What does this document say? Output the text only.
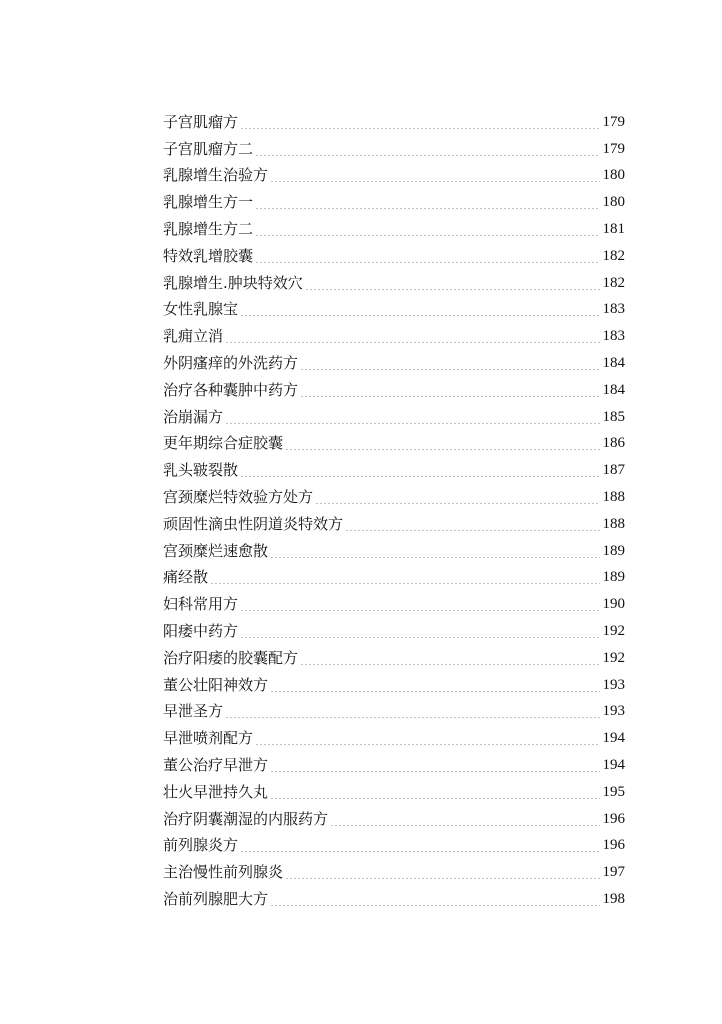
子宫肌瘤方	179
子宫肌瘤方二	179
乳腺增生治验方	180
乳腺增生方一	180
乳腺增生方二	181
特效乳增胶囊	182
乳腺增生.肿块特效穴	182
女性乳腺宝	183
乳痈立消	183
外阴瘙痒的外洗药方	184
治疗各种囊肿中药方	184
治崩漏方	185
更年期综合症胶囊	186
乳头皲裂散	187
宫颈糜烂特效验方处方	188
顽固性滴虫性阴道炎特效方	188
宫颈糜烂速愈散	189
痛经散	189
妇科常用方	190
阳痿中药方	192
治疗阳痿的胶囊配方	192
董公壮阳神效方	193
早泄圣方	193
早泄喷剂配方	194
董公治疗早泄方	194
壮火早泄持久丸	195
治疗阴囊潮湿的内服药方	196
前列腺炎方	196
主治慢性前列腺炎	197
治前列腺肥大方	198
